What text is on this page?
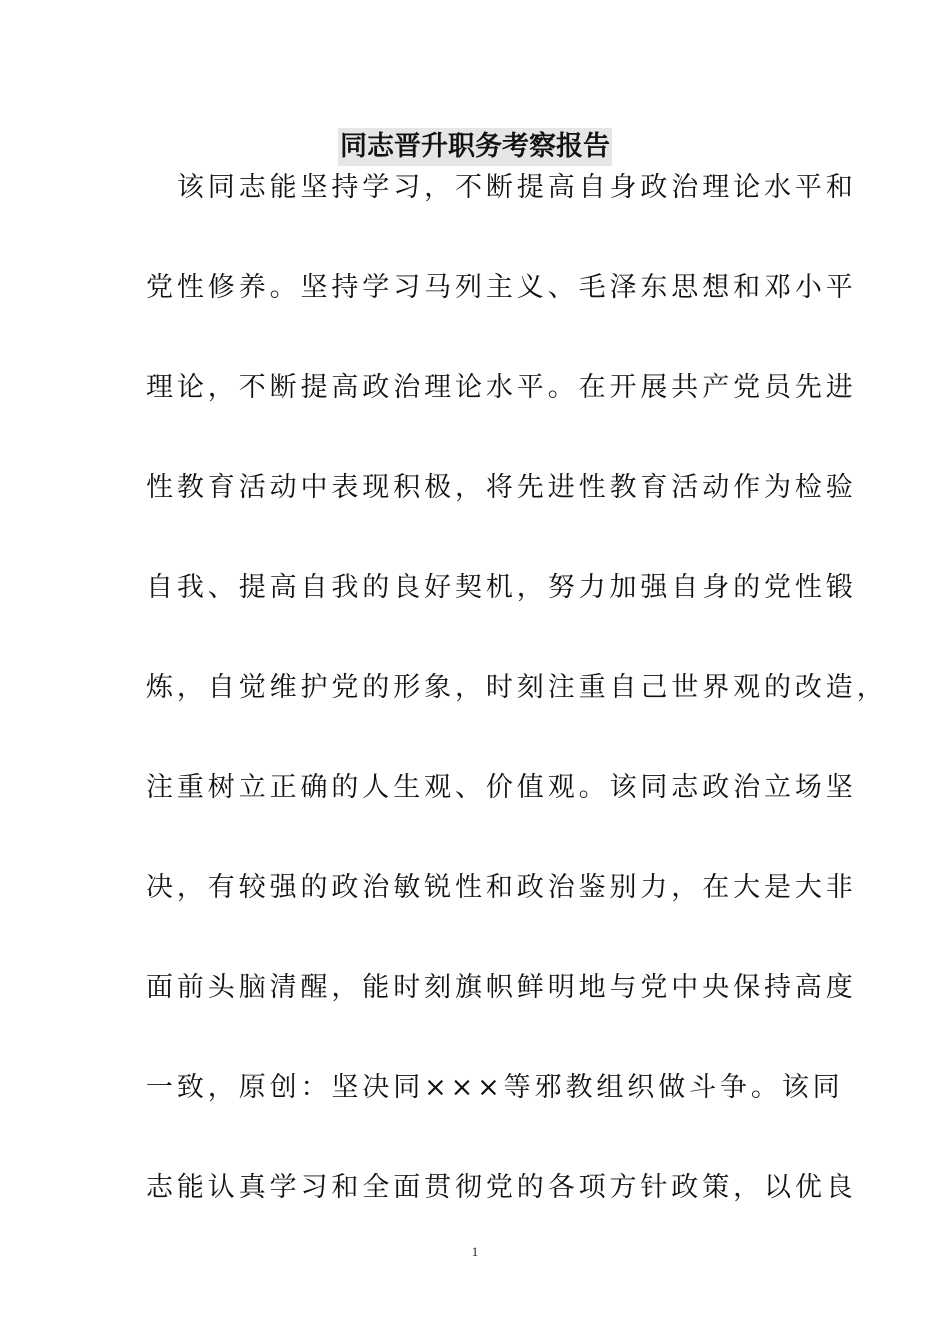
同志晋升职务考察报告
　该同志能坚持学习，不断提高自身政治理论水平和
党性修养。坚持学习马列主义、毛泽东思想和邓小平
理论，不断提高政治理论水平。在开展共产党员先进
性教育活动中表现积极，将先进性教育活动作为检验
自我、提高自我的良好契机，努力加强自身的党性锻
炼，自觉维护党的形象，时刻注重自己世界观的改造，
注重树立正确的人生观、价值观。该同志政治立场坚
决，有较强的政治敏锐性和政治鉴别力，在大是大非
面前头脑清醒，能时刻旗帜鲜明地与党中央保持高度
一致，原创：坚决同×××等邪教组织做斗争。该同
志能认真学习和全面贯彻党的各项方针政策，以优良
1
